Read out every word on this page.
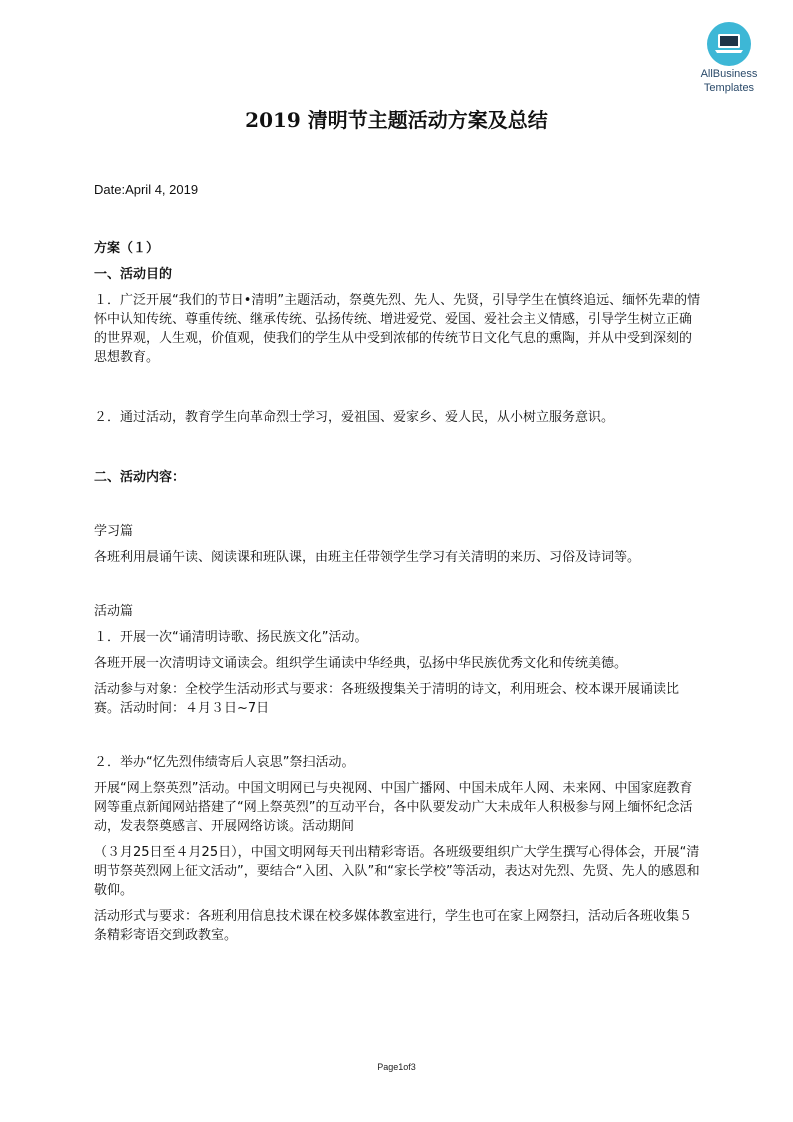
AllBusiness
Templates
2019 清明节主题活动方案及总结

Date:April 4, 2019

方案（１）

一、活动目的

１．广泛开展“我们的节日•清明”主题活动，祭奠先烈、先人、先贤，引导学生在慎终追远、缅怀先辈的情怀中认知传统、尊重传统、继承传统、弘扬传统、增进爱党、爱国、爱社会主义情感，引导学生树立正确的世界观，人生观，价值观，使我们的学生从中受到浓郁的传统节日文化气息的熏陶，并从中受到深刻的思想教育。

２．通过活动，教育学生向革命烈士学习，爱祖国、爱家乡、爱人民，从小树立服务意识。

二、活动内容：

学习篇

各班利用晨诵午读、阅读课和班队课，由班主任带领学生学习有关清明的来历、习俗及诗词等。

活动篇

１．开展一次“诵清明诗歌、扬民族文化”活动。

各班开展一次清明诗文诵读会。组织学生诵读中华经典，弘扬中华民族优秀文化和传统美德。

活动参与对象：全校学生活动形式与要求：各班级搜集关于清明的诗文，利用班会、校本课开展诵读比赛。活动时间：４月３日~7日

２．举办“忆先烈伟绩寄后人哀思”祭扫活动。

开展“网上祭英烈”活动。中国文明网已与央视网、中国广播网、中国未成年人网、未来网、中国家庭教育网等重点新闻网站搭建了“网上祭英烈”的互动平台，各中队要发动广大未成年人积极参与网上缅怀纪念活动，发表祭奠感言、开展网络访谈。活动期间

（３月25日至４月25日），中国文明网每天刊出精彩寄语。各班级要组织广大学生撰写心得体会，开展“清明节祭英烈网上征文活动”，要结合“入团、入队”和“家长学校”等活动，表达对先烈、先贤、先人的感恩和敬仰。

活动形式与要求：各班利用信息技术课在校多媒体教室进行，学生也可在家上网祭扫，活动后各班收集５条精彩寄语交到政教室。

Page1of3
